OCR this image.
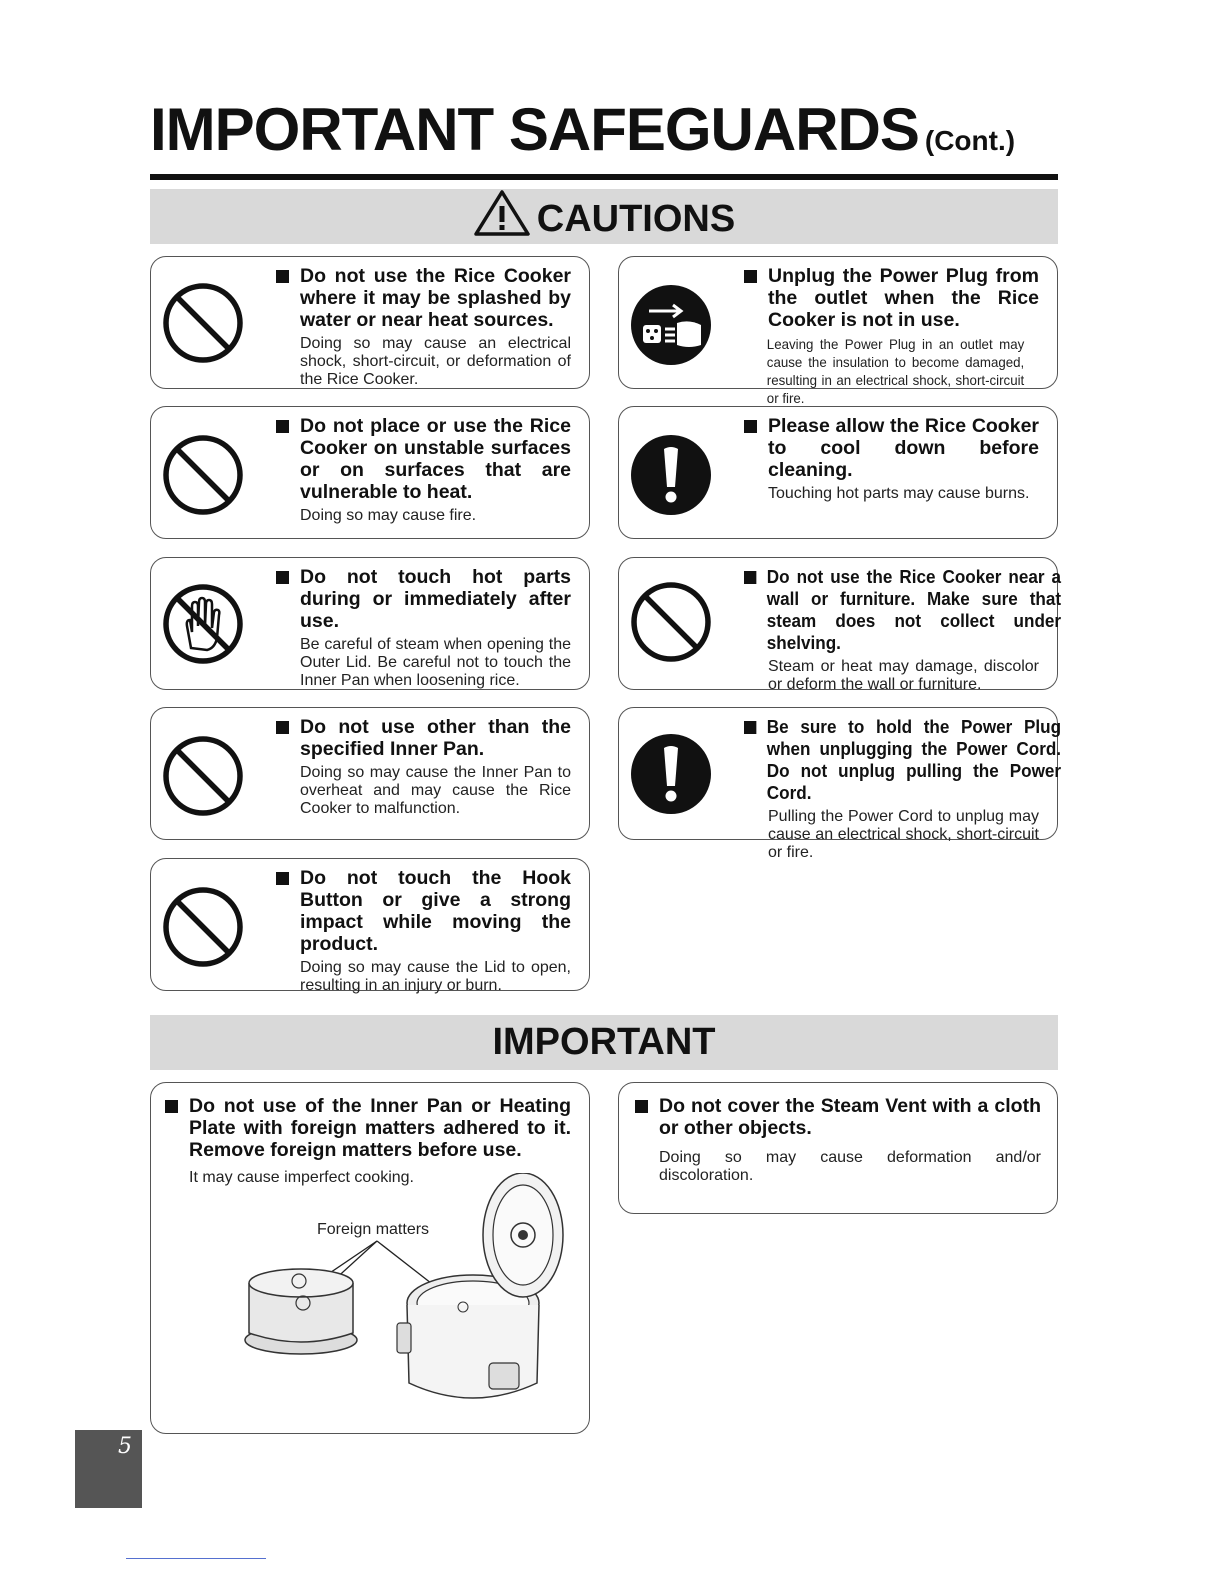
IMPORTANT SAFEGUARDS (Cont.)
CAUTIONS
Do not use the Rice Cooker where it may be splashed by water or near heat sources.
Doing so may cause an electrical shock, short-circuit, or deformation of the Rice Cooker.
Unplug the Power Plug from the outlet when the Rice Cooker is not in use.
Leaving the Power Plug in an outlet may cause the insulation to become damaged, resulting in an electrical shock, short-circuit or fire.
Do not place or use the Rice Cooker on unstable surfaces or on surfaces that are vulnerable to heat.
Doing so may cause fire.
Please allow the Rice Cooker to cool down before cleaning.
Touching hot parts may cause burns.
Do not touch hot parts during or immediately after use.
Be careful of steam when opening the Outer Lid. Be careful not to touch the Inner Pan when loosening rice.
Do not use the Rice Cooker near a wall or furniture. Make sure that steam does not collect under shelving.
Steam or heat may damage, discolor or deform the wall or furniture.
Do not use other than the specified Inner Pan.
Doing so may cause the Inner Pan to overheat and may cause the Rice Cooker to malfunction.
Be sure to hold the Power Plug when unplugging the Power Cord. Do not unplug pulling the Power Cord.
Pulling the Power Cord to unplug may cause an electrical shock, short-circuit or fire.
Do not touch the Hook Button or give a strong impact while moving the product.
Doing so may cause the Lid to open, resulting in an injury or burn.
IMPORTANT
Do not use of the Inner Pan or Heating Plate with foreign matters adhered to it. Remove foreign matters before use.
It may cause imperfect cooking.
Foreign matters
Do not cover the Steam Vent with a cloth or other objects.
Doing so may cause deformation and/or discoloration.
5
